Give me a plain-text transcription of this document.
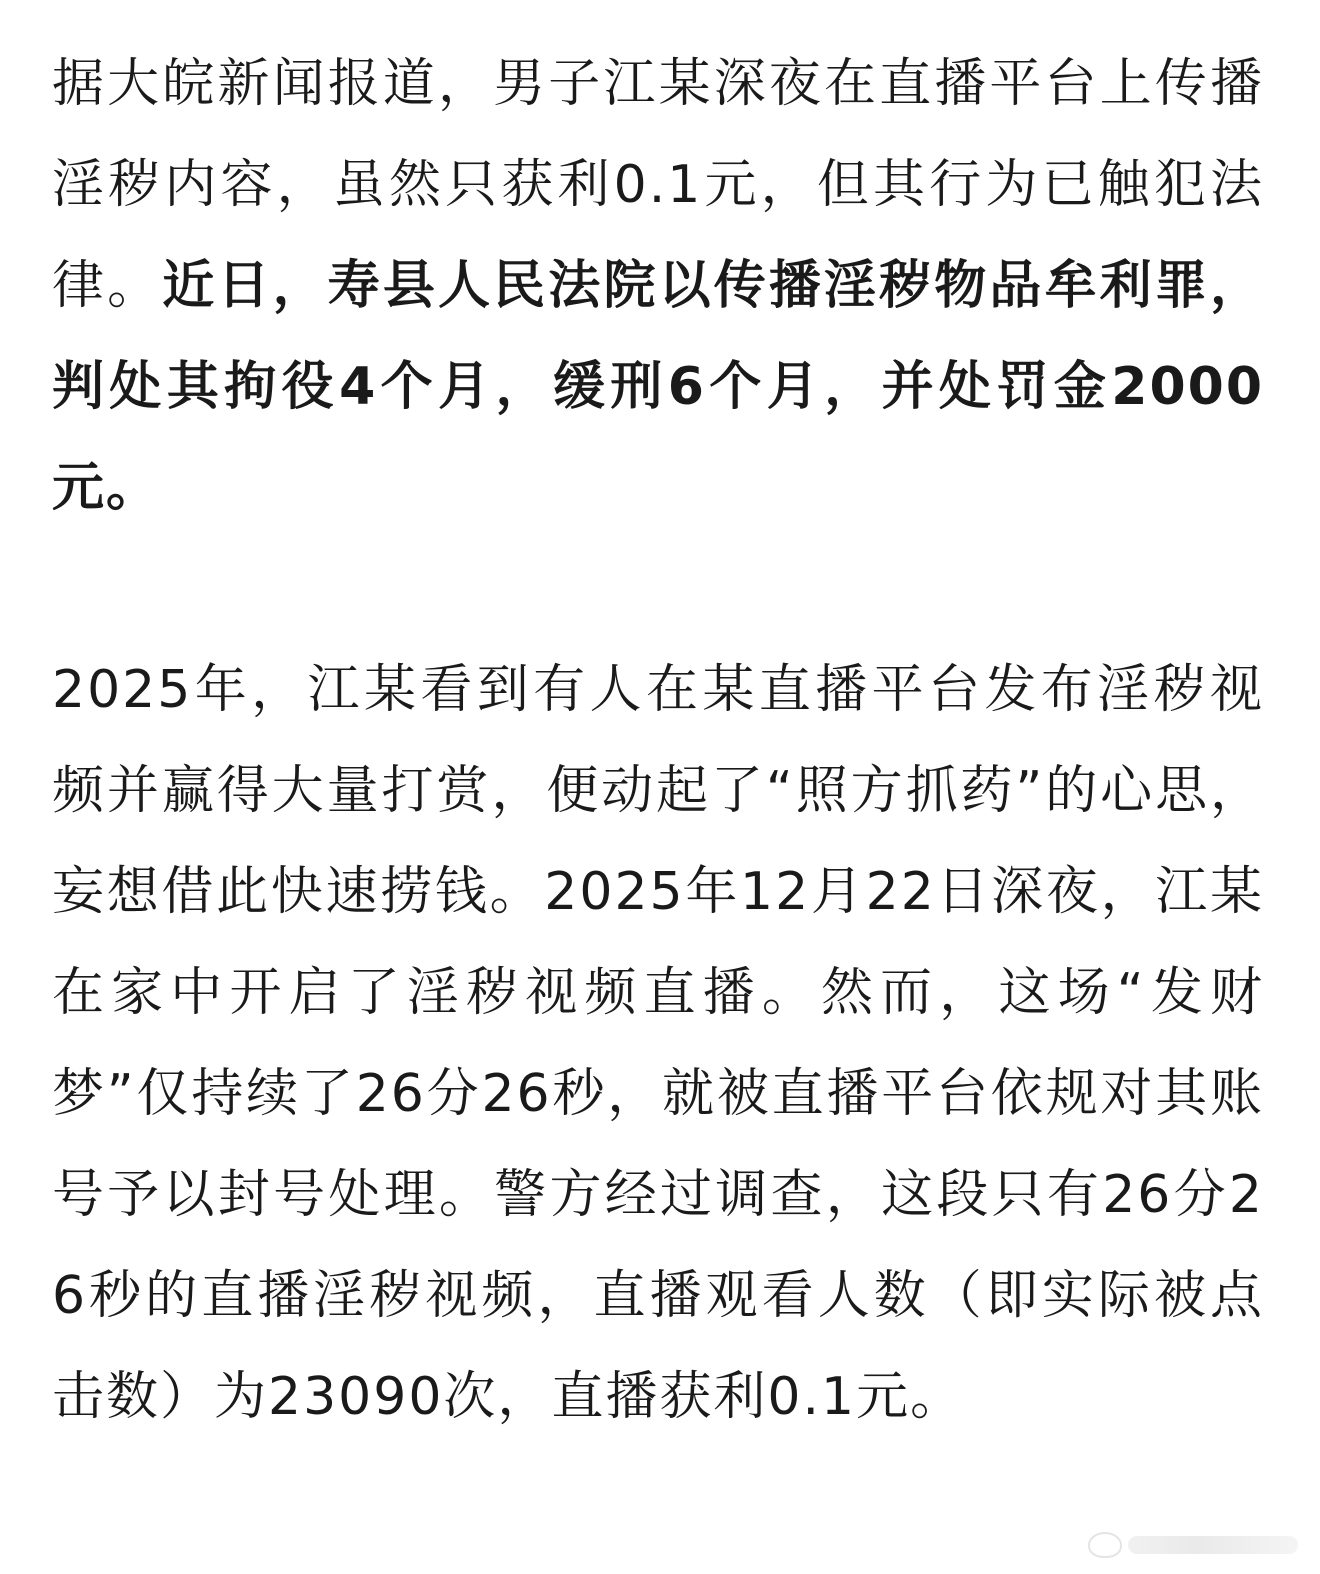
据大皖新闻报道，男子江某深夜在直播平台上传播淫秽内容，虽然只获利0.1元，但其行为已触犯法律。近日，寿县人民法院以传播淫秽物品牟利罪，判处其拘役4个月，缓刑6个月，并处罚金2000元。

2025年，江某看到有人在某直播平台发布淫秽视频并赢得大量打赏，便动起了“照方抓药”的心思，妄想借此快速捞钱。2025年12月22日深夜，江某在家中开启了淫秽视频直播。然而，这场“发财梦”仅持续了26分26秒，就被直播平台依规对其账号予以封号处理。警方经过调查，这段只有26分26秒的直播淫秽视频，直播观看人数（即实际被点击数）为23090次，直播获利0.1元。
